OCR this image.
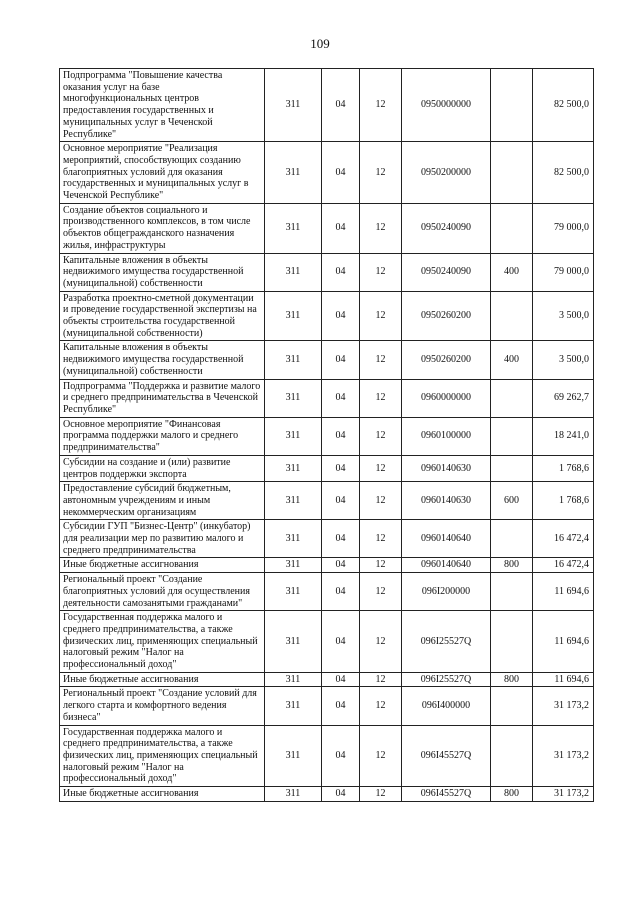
109
Подпрограмма "Повышение качества оказания услуг на базе многофункциональных центров предоставления государственных и муниципальных услуг в Чеченской Республике"	311	04	12	0950000000		82 500,0
Основное мероприятие "Реализация мероприятий, способствующих созданию благоприятных условий для оказания государственных и муниципальных услуг в Чеченской Республике"	311	04	12	0950200000		82 500,0
Создание объектов социального и производственного комплексов, в том числе объектов общегражданского назначения жилья, инфраструктуры	311	04	12	0950240090		79 000,0
Капитальные вложения в объекты недвижимого имущества государственной (муниципальной) собственности	311	04	12	0950240090	400	79 000,0
Разработка проектно-сметной документации и проведение государственной экспертизы на объекты строительства государственной (муниципальной собственности)	311	04	12	0950260200		3 500,0
Капитальные вложения в объекты недвижимого имущества государственной (муниципальной) собственности	311	04	12	0950260200	400	3 500,0
Подпрограмма "Поддержка и развитие малого и среднего предпринимательства в Чеченской Республике"	311	04	12	0960000000		69 262,7
Основное мероприятие "Финансовая программа поддержки малого и среднего предпринимательства"	311	04	12	0960100000		18 241,0
Субсидии на создание и (или) развитие центров поддержки экспорта	311	04	12	0960140630		1 768,6
Предоставление субсидий бюджетным, автономным учреждениям и иным некоммерческим организациям	311	04	12	0960140630	600	1 768,6
Субсидии ГУП "Бизнес-Центр" (инкубатор) для реализации мер по развитию малого и среднего предпринимательства	311	04	12	0960140640		16 472,4
Иные бюджетные ассигнования	311	04	12	0960140640	800	16 472,4
Региональный проект "Создание благоприятных условий для осуществления деятельности самозанятыми гражданами"	311	04	12	096I200000		11 694,6
Государственная поддержка малого и среднего предпринимательства, а также физических лиц, применяющих специальный налоговый режим "Налог на профессиональный доход"	311	04	12	096I25527Q		11 694,6
Иные бюджетные ассигнования	311	04	12	096I25527Q	800	11 694,6
Региональный проект "Создание условий для легкого старта и комфортного ведения бизнеса"	311	04	12	096I400000		31 173,2
Государственная поддержка малого и среднего предпринимательства, а также физических лиц, применяющих специальный налоговый режим "Налог на профессиональный доход"	311	04	12	096I45527Q		31 173,2
Иные бюджетные ассигнования	311	04	12	096I45527Q	800	31 173,2
